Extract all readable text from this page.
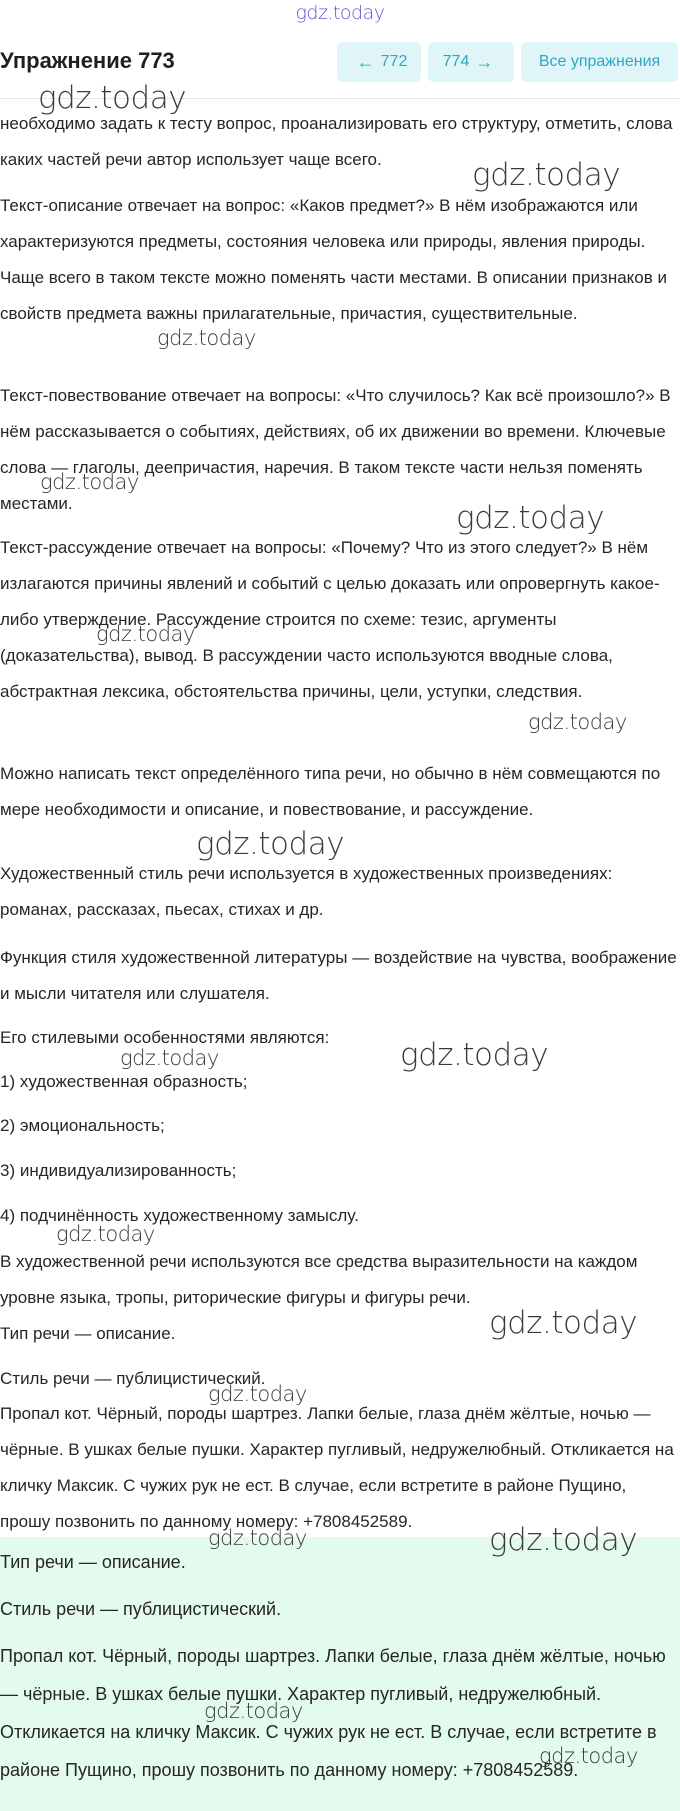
gdz.today
Упражнение 773	← 772 774 →	Все упражнения

необходимо задать к тесту вопрос, проанализировать его структуру, отметить, слова каких частей речи автор использует чаще всего.

Текст-описание отвечает на вопрос: «Каков предмет?» В нём изображаются или характеризуются предметы, состояния человека или природы, явления природы. Чаще всего в таком тексте можно поменять части местами. В описании признаков и свойств предмета важны прилагательные, причастия, существительные.

Текст-повествование отвечает на вопросы: «Что случилось? Как всё произошло?» В нём рассказывается о событиях, действиях, об их движении во времени. Ключевые слова — глаголы, деепричастия, наречия. В таком тексте части нельзя поменять местами.

Текст-рассуждение отвечает на вопросы: «Почему? Что из этого следует?» В нём излагаются причины явлений и событий с целью доказать или опровергнуть какое-либо утверждение. Рассуждение строится по схеме: тезис, аргументы (доказательства), вывод. В рассуждении часто используются вводные слова, абстрактная лексика, обстоятельства причины, цели, уступки, следствия.

Можно написать текст определённого типа речи, но обычно в нём совмещаются по мере необходимости и описание, и повествование, и рассуждение.

Художественный стиль речи используется в художественных произведениях: романах, рассказах, пьесах, стихах и др.

Функция стиля художественной литературы — воздействие на чувства, воображение и мысли читателя или слушателя.

Его стилевыми особенностями являются:

1) художественная образность;

2) эмоциональность;

3) индивидуализированность;

4) подчинённость художественному замыслу.

В художественной речи используются все средства выразительности на каждом уровне языка, тропы, риторические фигуры и фигуры речи.

Тип речи — описание.

Стиль речи — публицистический.

Пропал кот. Чёрный, породы шартрез. Лапки белые, глаза днём жёлтые, ночью — чёрные. В ушках белые пушки. Характер пугливый, недружелюбный. Откликается на кличку Максик. С чужих рук не ест. В случае, если встретите в районе Пущино, прошу позвонить по данному номеру: +7808452589.

Тип речи — описание.

Стиль речи — публицистический.

Пропал кот. Чёрный, породы шартрез. Лапки белые, глаза днём жёлтые, ночью — чёрные. В ушках белые пушки. Характер пугливый, недружелюбный. Откликается на кличку Максик. С чужих рук не ест. В случае, если встретите в районе Пущино, прошу позвонить по данному номеру: +7808452589.

gdz.today
gdz.today
gdz.today
gdz.today
gdz.today
gdz.today
gdz.today
gdz.today
gdz.today	gdz.today
gdz.today
gdz.today
gdz.today
gdz.today	gdz.today
gdz.today
gdz.today
